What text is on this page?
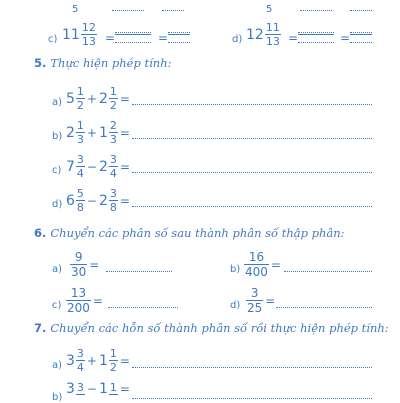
5	5
c) $11 \frac{12}{13}$ =	=	d) $12 \frac{11}{13}$ =	=
5. Thực hiện phép tính:
a) $5 \frac{1}{2} + 2 \frac{1}{2}$ =
b) $2 \frac{1}{3} + 1 \frac{2}{3}$ =
c) $7 \frac{3}{4} - 2 \frac{3}{4}$ =
d) $6 \frac{5}{8} - 2 \frac{3}{8}$ =
6. Chuyển các phân số sau thành phân số thập phân:
$a) \frac{9}{30}$ =	$b) \frac{16}{400}$ =
$c) \frac{13}{200}$ =	$d) \frac{3}{25}$ =
7. Chuyển các hỗn số thành phân số rồi thực hiện phép tính:
a) $3 \frac{3}{4} + 1 \frac{1}{2}$ =
b)
3 3 − 1 1 =
